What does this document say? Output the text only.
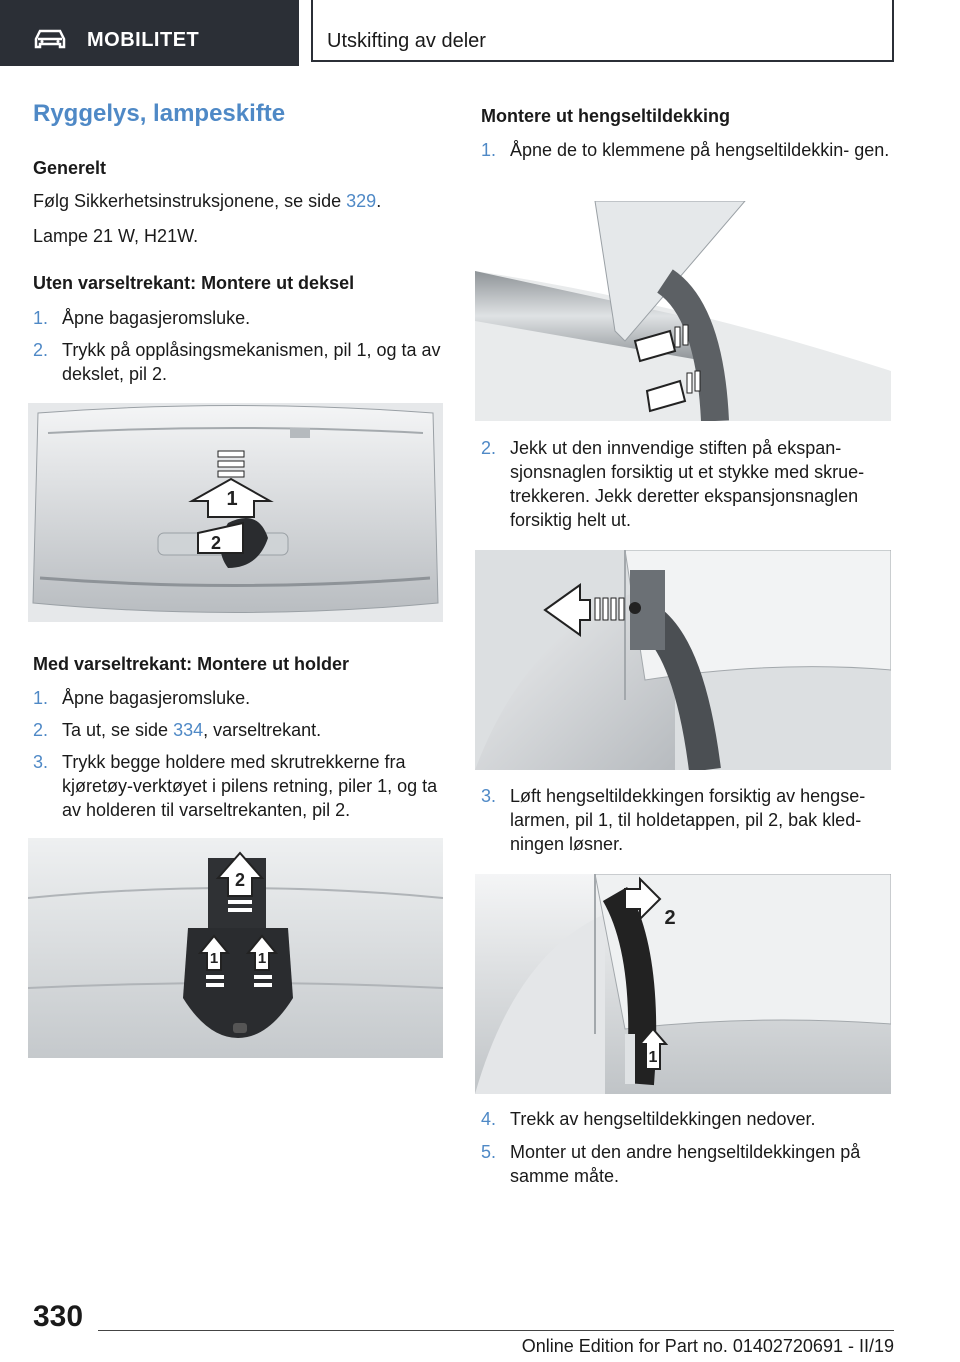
MOBILITET	Utskifting av deler
Ryggelys, lampeskifte
Generelt
Følg Sikkerhetsinstruksjonene, se side 329.
Lampe 21 W, H21W.
Uten varseltrekant: Montere ut deksel
1. Åpne bagasjeromsluke.
2. Trykk på opplåsingsmekanismen, pil 1, og ta av dekslet, pil 2.
1
2
Med varseltrekant: Montere ut holder
1. Åpne bagasjeromsluke.
2. Ta ut, se side 334, varseltrekant.
3. Trykk begge holdere med skrutrekkerne fra kjøretøy-verktøyet i pilens retning, piler 1, og ta av holderen til varseltrekanten, pil 2.
2
1	1
Montere ut hengseltildekking
1. Åpne de to klemmene på hengseltildekkin- gen.
2. Jekk ut den innvendige stiften på ekspan- sjonsnaglen forsiktig ut et stykke med skrue- trekkeren. Jekk deretter ekspansjonsnaglen forsiktig helt ut.
3. Løft hengseltildekkingen forsiktig av hengse- larmen, pil 1, til holdetappen, pil 2, bak kled- ningen løsner.
2
1
4. Trekk av hengseltildekkingen nedover.
5. Monter ut den andre hengseltildekkingen på samme måte.
330
Online Edition for Part no. 01402720691 - II/19
